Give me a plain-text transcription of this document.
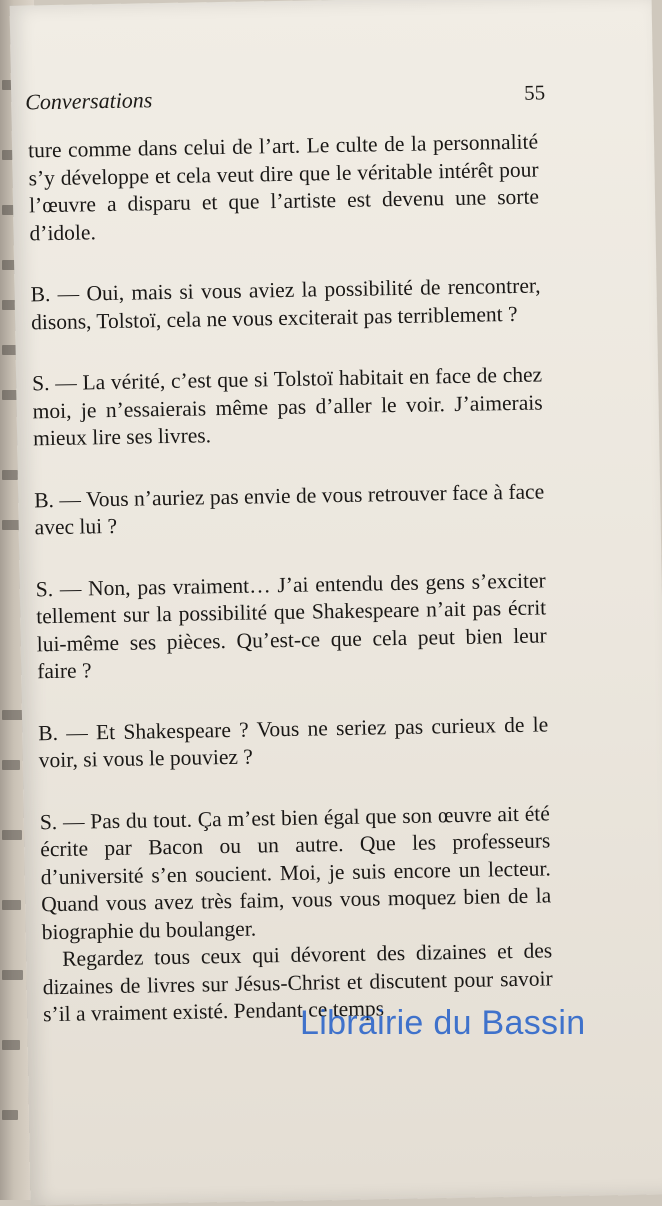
Conversations	55

ture comme dans celui de l’art. Le culte de la personnalité s’y développe et cela veut dire que le véritable intérêt pour l’œuvre a disparu et que l’artiste est devenu une sorte d’idole.

B. — Oui, mais si vous aviez la possibilité de rencontrer, disons, Tolstoï, cela ne vous exciterait pas terriblement ?

S. — La vérité, c’est que si Tolstoï habitait en face de chez moi, je n’essaierais même pas d’aller le voir. J’aimerais mieux lire ses livres.

B. — Vous n’auriez pas envie de vous retrouver face à face avec lui ?

S. — Non, pas vraiment… J’ai entendu des gens s’exciter tellement sur la possibilité que Shakespeare n’ait pas écrit lui-même ses pièces. Qu’est-ce que cela peut bien leur faire ?

B. — Et Shakespeare ? Vous ne seriez pas curieux de le voir, si vous le pouviez ?

S. — Pas du tout. Ça m’est bien égal que son œuvre ait été écrite par Bacon ou un autre. Que les professeurs d’université s’en soucient. Moi, je suis encore un lecteur. Quand vous avez très faim, vous vous moquez bien de la biographie du boulanger.

Regardez tous ceux qui dévorent des dizaines et des dizaines de livres sur Jésus-Christ et discutent pour savoir s’il a vraiment existé. Pendant ce temps

Librairie du Bassin
